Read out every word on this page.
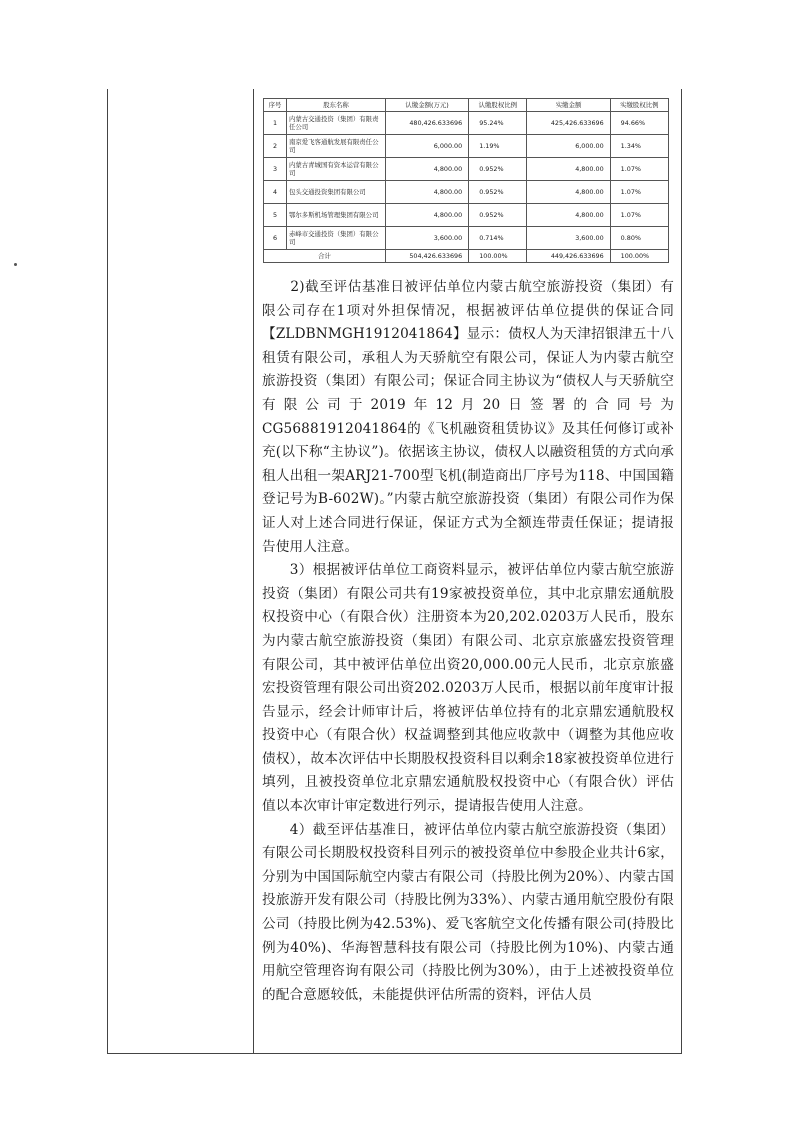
序号	股东名称	认缴金额(万元)	认缴股权比例	实缴金额	实缴股权比例
1	内蒙古交通投资（集团）有限责任公司	480,426.633696	95.24%	425,426.633696	94.66%
2	南京爱飞客通航发展有限责任公司	6,000.00	1.19%	6,000.00	1.34%
3	内蒙古青城国有资本运营有限公司	4,800.00	0.952%	4,800.00	1.07%
4	包头交通投资集团有限公司	4,800.00	0.952%	4,800.00	1.07%
5	鄂尔多斯机场管理集团有限公司	4,800.00	0.952%	4,800.00	1.07%
6	赤峰市交通投资（集团）有限公司	3,600.00	0.714%	3,600.00	0.80%
合计		504,426.633696	100.00%	449,426.633696	100.00%

　　2)截至评估基准日被评估单位内蒙古航空旅游投资（集团）有限公司存在1项对外担保情况，根据被评估单位提供的保证合同【ZLDBNMGH1912041864】显示：债权人为天津招银津五十八租赁有限公司，承租人为天骄航空有限公司，保证人为内蒙古航空旅游投资（集团）有限公司；保证合同主协议为“债权人与天骄航空有限公司于2019年12月20日签署的合同号为CG56881912041864的《飞机融资租赁协议》及其任何修订或补充(以下称“主协议”)。依据该主协议，债权人以融资租赁的方式向承租人出租一架ARJ21-700型飞机(制造商出厂序号为118、中国国籍登记号为B-602W)。”内蒙古航空旅游投资（集团）有限公司作为保证人对上述合同进行保证，保证方式为全额连带责任保证；提请报告使用人注意。

　　3）根据被评估单位工商资料显示，被评估单位内蒙古航空旅游投资（集团）有限公司共有19家被投资单位，其中北京鼎宏通航股权投资中心（有限合伙）注册资本为20,202.0203万人民币，股东为内蒙古航空旅游投资（集团）有限公司、北京京旅盛宏投资管理有限公司，其中被评估单位出资20,000.00元人民币，北京京旅盛宏投资管理有限公司出资202.0203万人民币，根据以前年度审计报告显示，经会计师审计后，将被评估单位持有的北京鼎宏通航股权投资中心（有限合伙）权益调整到其他应收款中（调整为其他应收债权），故本次评估中长期股权投资科目以剩余18家被投资单位进行填列，且被投资单位北京鼎宏通航股权投资中心（有限合伙）评估值以本次审计审定数进行列示，提请报告使用人注意。

　　4）截至评估基准日，被评估单位内蒙古航空旅游投资（集团）有限公司长期股权投资科目列示的被投资单位中参股企业共计6家，分别为中国国际航空内蒙古有限公司（持股比例为20%）、内蒙古国投旅游开发有限公司（持股比例为33%）、内蒙古通用航空股份有限公司（持股比例为42.53%)、爱飞客航空文化传播有限公司(持股比例为40%)、华海智慧科技有限公司（持股比例为10%)、内蒙古通用航空管理咨询有限公司（持股比例为30%），由于上述被投资单位的配合意愿较低，未能提供评估所需的资料，评估人员
